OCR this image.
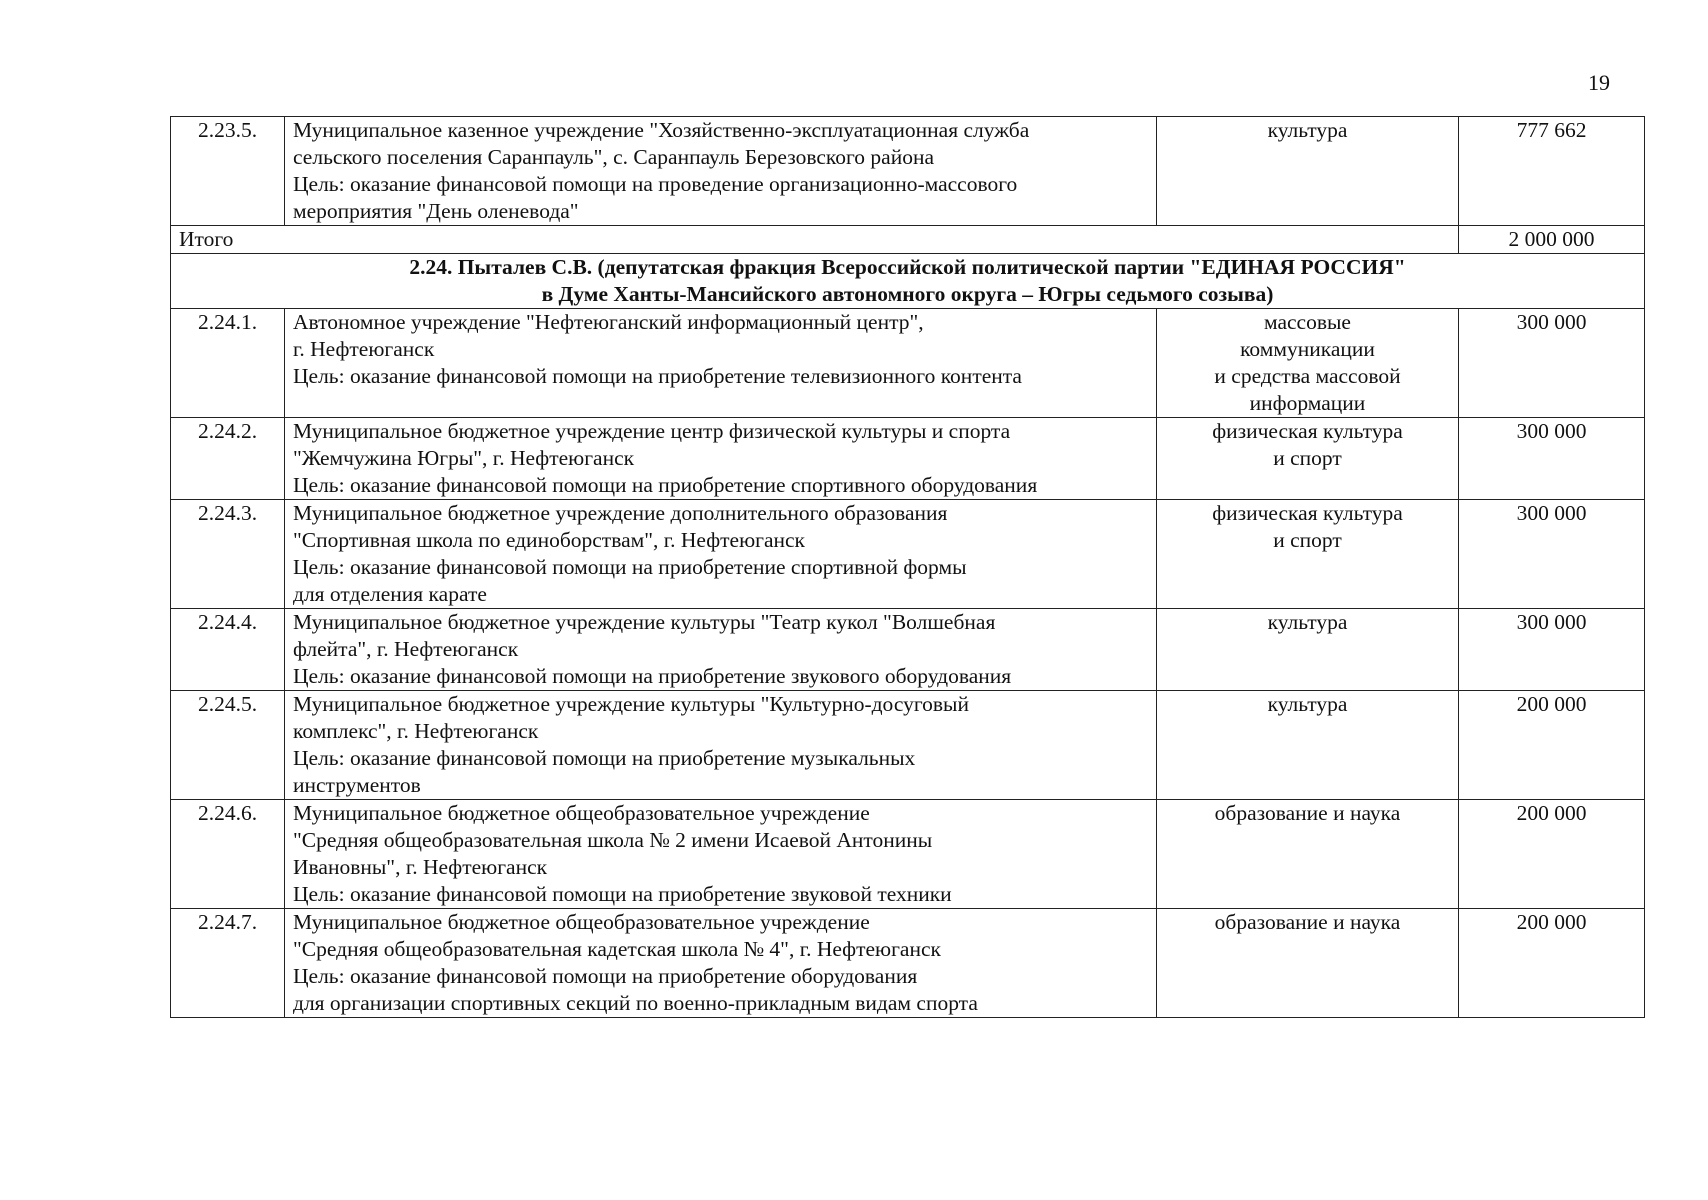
19
2.23.5.	Муниципальное казенное учреждение "Хозяйственно-эксплуатационная служба
сельского поселения Саранпауль", с. Саранпауль Березовского района
Цель: оказание финансовой помощи на проведение организационно-массового
мероприятия "День оленевода"	культура	777 662
Итого			2 000 000

2.24. Пыталев С.В. (депутатская фракция Всероссийской политической партии "ЕДИНАЯ РОССИЯ"
в Думе Ханты-Мансийского автономного округа – Югры седьмого созыва)			

2.24.1.	Автономное учреждение "Нефтеюганский информационный центр",
г. Нефтеюганск
Цель: оказание финансовой помощи на приобретение телевизионного контента	массовые
коммуникации
и средства массовой
информации	300 000
2.24.2.	Муниципальное бюджетное учреждение центр физической культуры и спорта
"Жемчужина Югры", г. Нефтеюганск
Цель: оказание финансовой помощи на приобретение спортивного оборудования	физическая культура
и спорт	300 000
2.24.3.	Муниципальное бюджетное учреждение дополнительного образования
"Спортивная школа по единоборствам", г. Нефтеюганск
Цель: оказание финансовой помощи на приобретение спортивной формы
для отделения карате	физическая культура
и спорт	300 000
2.24.4.	Муниципальное бюджетное учреждение культуры "Театр кукол "Волшебная
флейта", г. Нефтеюганск
Цель: оказание финансовой помощи на приобретение звукового оборудования	культура	300 000
2.24.5.	Муниципальное бюджетное учреждение культуры "Культурно-досуговый
комплекс", г. Нефтеюганск
Цель: оказание финансовой помощи на приобретение музыкальных
инструментов	культура	200 000
2.24.6.	Муниципальное бюджетное общеобразовательное учреждение
"Средняя общеобразовательная школа № 2 имени Исаевой Антонины
Ивановны", г. Нефтеюганск
Цель: оказание финансовой помощи на приобретение звуковой техники	образование и наука	200 000
2.24.7.	Муниципальное бюджетное общеобразовательное учреждение
"Средняя общеобразовательная кадетская школа № 4", г. Нефтеюганск
Цель: оказание финансовой помощи на приобретение оборудования
для организации спортивных секций по военно-прикладным видам спорта	образование и наука	200 000
